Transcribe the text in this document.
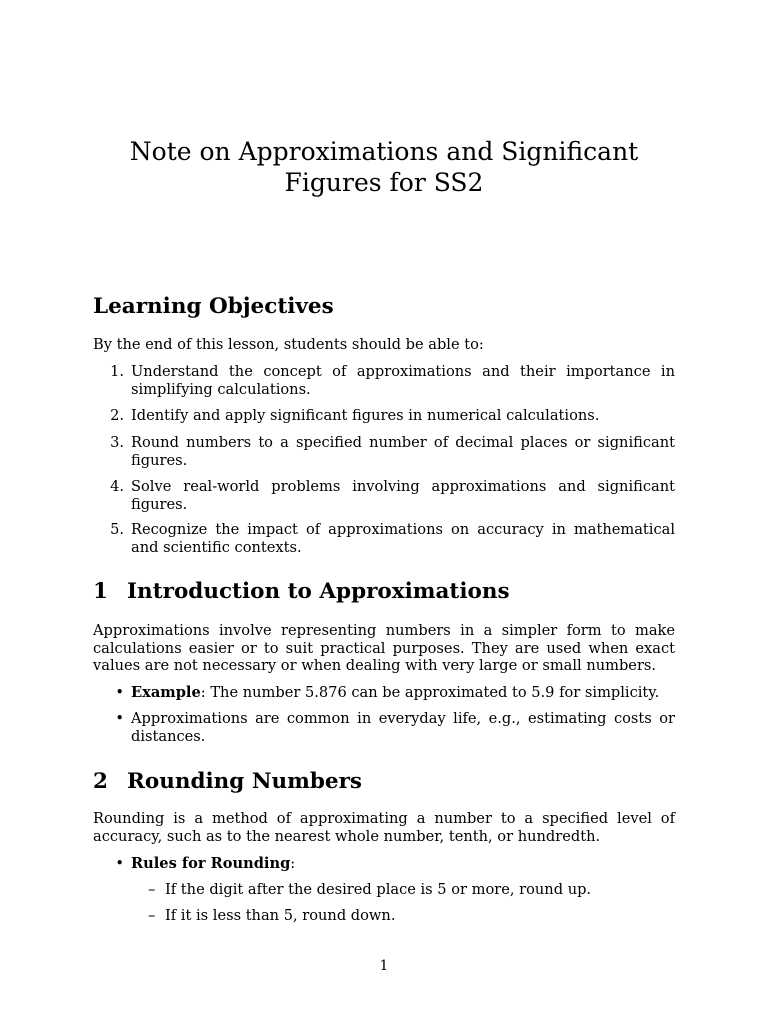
Note on Approximations and Significant Figures for SS2
Learning Objectives

By the end of this lesson, students should be able to:

1. Understand the concept of approximations and their importance in simplifying calculations.
2. Identify and apply significant figures in numerical calculations.
3. Round numbers to a specified number of decimal places or significant figures.
4. Solve real-world problems involving approximations and significant figures.
5. Recognize the impact of approximations on accuracy in mathematical and scientific contexts.
1 Introduction to Approximations

Approximations involve representing numbers in a simpler form to make calculations easier or to suit practical purposes. They are used when exact values are not necessary or when dealing with very large or small numbers.

• Example: The number 5.876 can be approximated to 5.9 for simplicity.
• Approximations are common in everyday life, e.g., estimating costs or distances.
2 Rounding Numbers

Rounding is a method of approximating a number to a specified level of accuracy, such as to the nearest whole number, tenth, or hundredth.

• Rules for Rounding:
– If the digit after the desired place is 5 or more, round up.
– If it is less than 5, round down.
1
